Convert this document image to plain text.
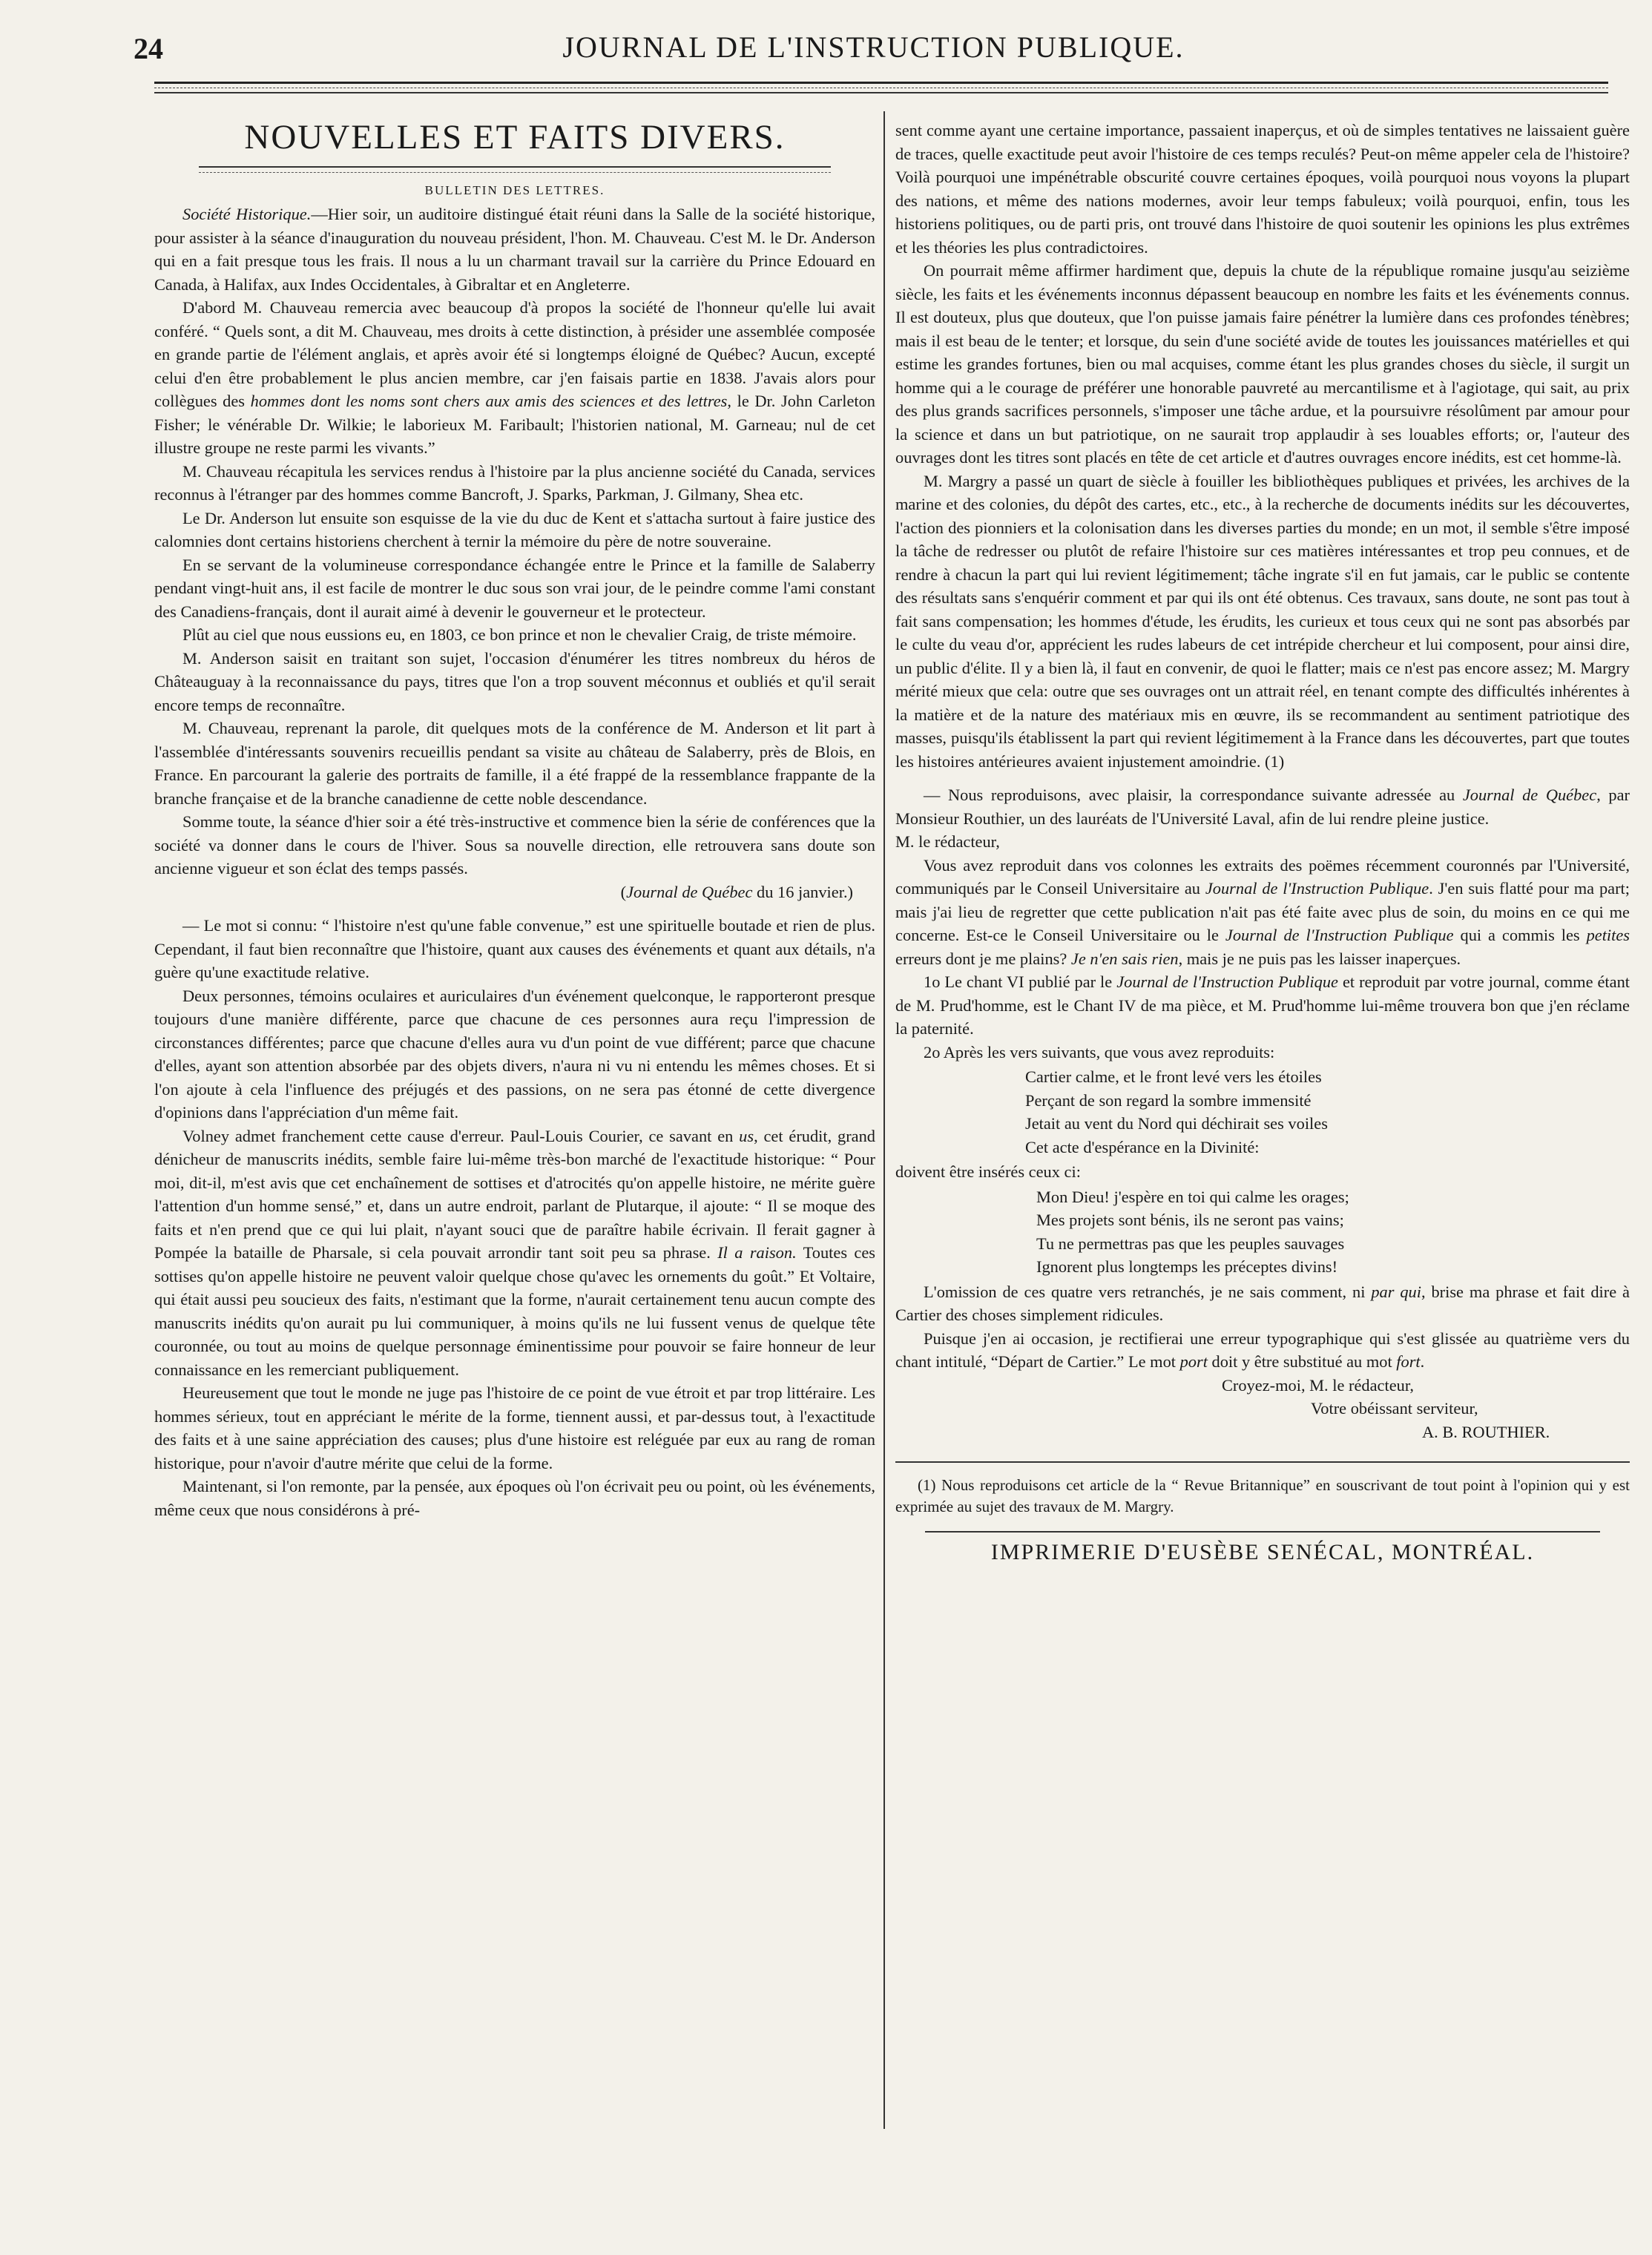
24	JOURNAL DE L'INSTRUCTION PUBLIQUE.
NOUVELLES ET FAITS DIVERS.
BULLETIN DES LETTRES.

Société Historique.—Hier soir, un auditoire distingué était réuni dans la Salle de la société historique, pour assister à la séance d'inauguration du nouveau président, l'hon. M. Chauveau. C'est M. le Dr. Anderson qui en a fait presque tous les frais. Il nous a lu un charmant travail sur la carrière du Prince Edouard en Canada, à Halifax, aux Indes Occidentales, à Gibraltar et en Angleterre.

D'abord M. Chauveau remercia avec beaucoup d'à propos la société de l'honneur qu'elle lui avait conféré. “ Quels sont, a dit M. Chauveau, mes droits à cette distinction, à présider une assemblée composée en grande partie de l'élément anglais, et après avoir été si longtemps éloigné de Québec? Aucun, excepté celui d'en être probablement le plus ancien membre, car j'en faisais partie en 1838. J'avais alors pour collègues des hommes dont les noms sont chers aux amis des sciences et des lettres, le Dr. John Carleton Fisher; le vénérable Dr. Wilkie; le laborieux M. Faribault; l'historien national, M. Garneau; nul de cet illustre groupe ne reste parmi les vivants.”

M. Chauveau récapitula les services rendus à l'histoire par la plus ancienne société du Canada, services reconnus à l'étranger par des hommes comme Bancroft, J. Sparks, Parkman, J. Gilmany, Shea etc.

Le Dr. Anderson lut ensuite son esquisse de la vie du duc de Kent et s'attacha surtout à faire justice des calomnies dont certains historiens cherchent à ternir la mémoire du père de notre souveraine.

En se servant de la volumineuse correspondance échangée entre le Prince et la famille de Salaberry pendant vingt-huit ans, il est facile de montrer le duc sous son vrai jour, de le peindre comme l'ami constant des Canadiens-français, dont il aurait aimé à devenir le gouverneur et le protecteur.

Plût au ciel que nous eussions eu, en 1803, ce bon prince et non le chevalier Craig, de triste mémoire.

M. Anderson saisit en traitant son sujet, l'occasion d'énumérer les titres nombreux du héros de Châteauguay à la reconnaissance du pays, titres que l'on a trop souvent méconnus et oubliés et qu'il serait encore temps de reconnaître.

M. Chauveau, reprenant la parole, dit quelques mots de la conférence de M. Anderson et lit part à l'assemblée d'intéressants souvenirs recueillis pendant sa visite au château de Salaberry, près de Blois, en France. En parcourant la galerie des portraits de famille, il a été frappé de la ressemblance frappante de la branche française et de la branche canadienne de cette noble descendance.

Somme toute, la séance d'hier soir a été très-instructive et commence bien la série de conférences que la société va donner dans le cours de l'hiver. Sous sa nouvelle direction, elle retrouvera sans doute son ancienne vigueur et son éclat des temps passés.

(Journal de Québec du 16 janvier.)

— Le mot si connu: “ l'histoire n'est qu'une fable convenue,” est une spirituelle boutade et rien de plus. Cependant, il faut bien reconnaître que l'histoire, quant aux causes des événements et quant aux détails, n'a guère qu'une exactitude relative.

Deux personnes, témoins oculaires et auriculaires d'un événement quelconque, le rapporteront presque toujours d'une manière différente, parce que chacune de ces personnes aura reçu l'impression de circonstances différentes; parce que chacune d'elles aura vu d'un point de vue différent; parce que chacune d'elles, ayant son attention absorbée par des objets divers, n'aura ni vu ni entendu les mêmes choses. Et si l'on ajoute à cela l'influence des préjugés et des passions, on ne sera pas étonné de cette divergence d'opinions dans l'appréciation d'un même fait.

Volney admet franchement cette cause d'erreur. Paul-Louis Courier, ce savant en us, cet érudit, grand dénicheur de manuscrits inédits, semble faire lui-même très-bon marché de l'exactitude historique: “ Pour moi, dit-il, m'est avis que cet enchaînement de sottises et d'atrocités qu'on appelle histoire, ne mérite guère l'attention d'un homme sensé,” et, dans un autre endroit, parlant de Plutarque, il ajoute: “ Il se moque des faits et n'en prend que ce qui lui plait, n'ayant souci que de paraître habile écrivain. Il ferait gagner à Pompée la bataille de Pharsale, si cela pouvait arrondir tant soit peu sa phrase. Il a raison. Toutes ces sottises qu'on appelle histoire ne peuvent valoir quelque chose qu'avec les ornements du goût.” Et Voltaire, qui était aussi peu soucieux des faits, n'estimant que la forme, n'aurait certainement tenu aucun compte des manuscrits inédits qu'on aurait pu lui communiquer, à moins qu'ils ne lui fussent venus de quelque tête couronnée, ou tout au moins de quelque personnage éminentissime pour pouvoir se faire honneur de leur connaissance en les remerciant publiquement.

Heureusement que tout le monde ne juge pas l'histoire de ce point de vue étroit et par trop littéraire. Les hommes sérieux, tout en appréciant le mérite de la forme, tiennent aussi, et par-dessus tout, à l'exactitude des faits et à une saine appréciation des causes; plus d'une histoire est reléguée par eux au rang de roman historique, pour n'avoir d'autre mérite que celui de la forme.

Maintenant, si l'on remonte, par la pensée, aux époques où l'on écrivait peu ou point, où les événements, même ceux que nous considérons à pré-

sent comme ayant une certaine importance, passaient inaperçus, et où de simples tentatives ne laissaient guère de traces, quelle exactitude peut avoir l'histoire de ces temps reculés? Peut-on même appeler cela de l'histoire? Voilà pourquoi une impénétrable obscurité couvre certaines époques, voilà pourquoi nous voyons la plupart des nations, et même des nations modernes, avoir leur temps fabuleux; voilà pourquoi, enfin, tous les historiens politiques, ou de parti pris, ont trouvé dans l'histoire de quoi soutenir les opinions les plus extrêmes et les théories les plus contradictoires.

On pourrait même affirmer hardiment que, depuis la chute de la république romaine jusqu'au seizième siècle, les faits et les événements inconnus dépassent beaucoup en nombre les faits et les événements connus. Il est douteux, plus que douteux, que l'on puisse jamais faire pénétrer la lumière dans ces profondes ténèbres; mais il est beau de le tenter; et lorsque, du sein d'une société avide de toutes les jouissances matérielles et qui estime les grandes fortunes, bien ou mal acquises, comme étant les plus grandes choses du siècle, il surgit un homme qui a le courage de préférer une honorable pauvreté au mercantilisme et à l'agiotage, qui sait, au prix des plus grands sacrifices personnels, s'imposer une tâche ardue, et la poursuivre résolûment par amour pour la science et dans un but patriotique, on ne saurait trop applaudir à ses louables efforts; or, l'auteur des ouvrages dont les titres sont placés en tête de cet article et d'autres ouvrages encore inédits, est cet homme-là.

M. Margry a passé un quart de siècle à fouiller les bibliothèques publiques et privées, les archives de la marine et des colonies, du dépôt des cartes, etc., etc., à la recherche de documents inédits sur les découvertes, l'action des pionniers et la colonisation dans les diverses parties du monde; en un mot, il semble s'être imposé la tâche de redresser ou plutôt de refaire l'histoire sur ces matières intéressantes et trop peu connues, et de rendre à chacun la part qui lui revient légitimement; tâche ingrate s'il en fut jamais, car le public se contente des résultats sans s'enquérir comment et par qui ils ont été obtenus. Ces travaux, sans doute, ne sont pas tout à fait sans compensation; les hommes d'étude, les érudits, les curieux et tous ceux qui ne sont pas absorbés par le culte du veau d'or, apprécient les rudes labeurs de cet intrépide chercheur et lui composent, pour ainsi dire, un public d'élite. Il y a bien là, il faut en convenir, de quoi le flatter; mais ce n'est pas encore assez; M. Margry mérité mieux que cela: outre que ses ouvrages ont un attrait réel, en tenant compte des difficultés inhérentes à la matière et de la nature des matériaux mis en œuvre, ils se recommandent au sentiment patriotique des masses, puisqu'ils établissent la part qui revient légitimement à la France dans les découvertes, part que toutes les histoires antérieures avaient injustement amoindrie. (1)

— Nous reproduisons, avec plaisir, la correspondance suivante adressée au Journal de Québec, par Monsieur Routhier, un des lauréats de l'Université Laval, afin de lui rendre pleine justice.

M. le rédacteur,

Vous avez reproduit dans vos colonnes les extraits des poëmes récemment couronnés par l'Université, communiqués par le Conseil Universitaire au Journal de l'Instruction Publique. J'en suis flatté pour ma part; mais j'ai lieu de regretter que cette publication n'ait pas été faite avec plus de soin, du moins en ce qui me concerne. Est-ce le Conseil Universitaire ou le Journal de l'Instruction Publique qui a commis les petites erreurs dont je me plains? Je n'en sais rien, mais je ne puis pas les laisser inaperçues.

1o Le chant VI publié par le Journal de l'Instruction Publique et reproduit par votre journal, comme étant de M. Prud'homme, est le Chant IV de ma pièce, et M. Prud'homme lui-même trouvera bon que j'en réclame la paternité.

2o Après les vers suivants, que vous avez reproduits:

Cartier calme, et le front levé vers les étoiles
Perçant de son regard la sombre immensité
Jetait au vent du Nord qui déchirait ses voiles
Cet acte d'espérance en la Divinité:

doivent être insérés ceux ci:

Mon Dieu! j'espère en toi qui calme les orages;
Mes projets sont bénis, ils ne seront pas vains;
Tu ne permettras pas que les peuples sauvages
Ignorent plus longtemps les préceptes divins!

L'omission de ces quatre vers retranchés, je ne sais comment, ni par qui, brise ma phrase et fait dire à Cartier des choses simplement ridicules.

Puisque j'en ai occasion, je rectifierai une erreur typographique qui s'est glissée au quatrième vers du chant intitulé, “Départ de Cartier.” Le mot port doit y être substitué au mot fort.

Croyez-moi, M. le rédacteur,
Votre obéissant serviteur,
A. B. ROUTHIER.

(1) Nous reproduisons cet article de la “ Revue Britannique” en souscrivant de tout point à l'opinion qui y est exprimée au sujet des travaux de M. Margry.

IMPRIMERIE D'EUSÈBE SENÉCAL, MONTRÉAL.
